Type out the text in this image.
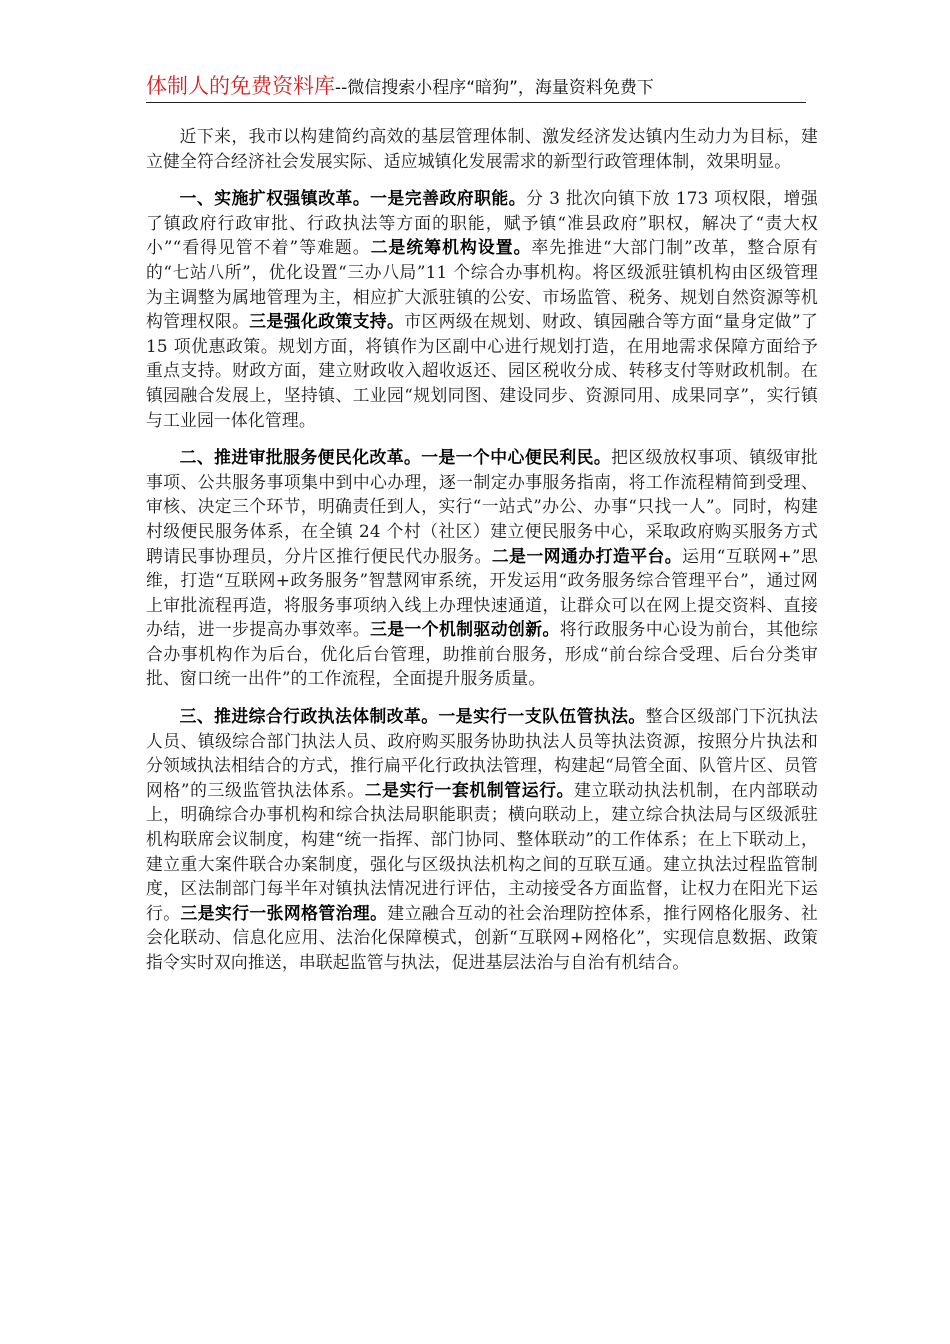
体制人的免费资料库--微信搜索小程序“暗狗”，海量资料免费下

近下来，我市以构建简约高效的基层管理体制、激发经济发达镇内生动力为目标，建立健全符合经济社会发展实际、适应城镇化发展需求的新型行政管理体制，效果明显。

一、实施扩权强镇改革。一是完善政府职能。分 3 批次向镇下放 173 项权限，增强了镇政府行政审批、行政执法等方面的职能，赋予镇“准县政府”职权，解决了“责大权小”“看得见管不着”等难题。二是统筹机构设置。率先推进“大部门制”改革，整合原有的“七站八所”，优化设置“三办八局”11 个综合办事机构。将区级派驻镇机构由区级管理为主调整为属地管理为主，相应扩大派驻镇的公安、市场监管、税务、规划自然资源等机构管理权限。三是强化政策支持。市区两级在规划、财政、镇园融合等方面“量身定做”了 15 项优惠政策。规划方面，将镇作为区副中心进行规划打造，在用地需求保障方面给予重点支持。财政方面，建立财政收入超收返还、园区税收分成、转移支付等财政机制。在镇园融合发展上，坚持镇、工业园“规划同图、建设同步、资源同用、成果同享”，实行镇与工业园一体化管理。

二、推进审批服务便民化改革。一是一个中心便民利民。把区级放权事项、镇级审批事项、公共服务事项集中到中心办理，逐一制定办事服务指南，将工作流程精简到受理、审核、决定三个环节，明确责任到人，实行“一站式”办公、办事“只找一人”。同时，构建村级便民服务体系，在全镇 24 个村（社区）建立便民服务中心，采取政府购买服务方式聘请民事协理员，分片区推行便民代办服务。二是一网通办打造平台。运用“互联网+”思维，打造“互联网+政务服务”智慧网审系统，开发运用“政务服务综合管理平台”，通过网上审批流程再造，将服务事项纳入线上办理快速通道，让群众可以在网上提交资料、直接办结，进一步提高办事效率。三是一个机制驱动创新。将行政服务中心设为前台，其他综合办事机构作为后台，优化后台管理，助推前台服务，形成“前台综合受理、后台分类审批、窗口统一出件”的工作流程，全面提升服务质量。

三、推进综合行政执法体制改革。一是实行一支队伍管执法。整合区级部门下沉执法人员、镇级综合部门执法人员、政府购买服务协助执法人员等执法资源，按照分片执法和分领域执法相结合的方式，推行扁平化行政执法管理，构建起“局管全面、队管片区、员管网格”的三级监管执法体系。二是实行一套机制管运行。建立联动执法机制，在内部联动上，明确综合办事机构和综合执法局职能职责；横向联动上，建立综合执法局与区级派驻机构联席会议制度，构建“统一指挥、部门协同、整体联动”的工作体系；在上下联动上，建立重大案件联合办案制度，强化与区级执法机构之间的互联互通。建立执法过程监管制度，区法制部门每半年对镇执法情况进行评估，主动接受各方面监督，让权力在阳光下运行。三是实行一张网格管治理。建立融合互动的社会治理防控体系，推行网格化服务、社会化联动、信息化应用、法治化保障模式，创新“互联网+网格化”，实现信息数据、政策指令实时双向推送，串联起监管与执法，促进基层法治与自治有机结合。
